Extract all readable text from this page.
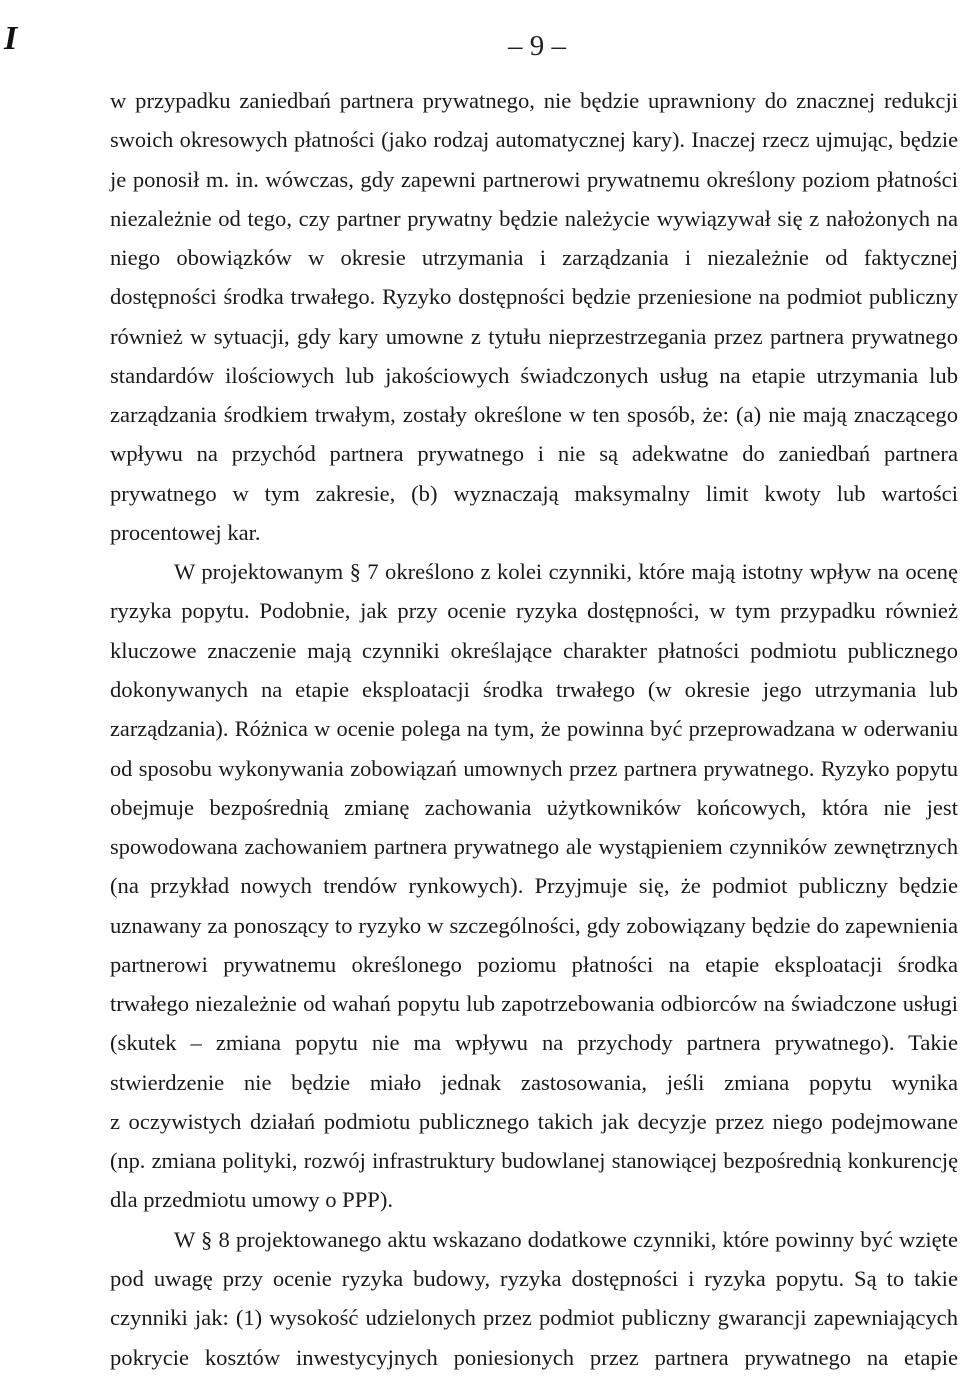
I	– 9 –
w przypadku zaniedbań partnera prywatnego, nie będzie uprawniony do znacznej redukcji
swoich okresowych płatności (jako rodzaj automatycznej kary). Inaczej rzecz ujmując, będzie
je ponosił m. in. wówczas, gdy zapewni partnerowi prywatnemu określony poziom płatności
niezależnie od tego, czy partner prywatny będzie należycie wywiązywał się z nałożonych na
niego obowiązków w okresie utrzymania i zarządzania i niezależnie od faktycznej
dostępności środka trwałego. Ryzyko dostępności będzie przeniesione na podmiot publiczny
również w sytuacji, gdy kary umowne z tytułu nieprzestrzegania przez partnera prywatnego
standardów ilościowych lub jakościowych świadczonych usług na etapie utrzymania lub
zarządzania środkiem trwałym, zostały określone w ten sposób, że: (a) nie mają znaczącego
wpływu na przychód partnera prywatnego i nie są adekwatne do zaniedbań partnera
prywatnego w tym zakresie, (b) wyznaczają maksymalny limit kwoty lub wartości
procentowej kar.
W projektowanym § 7 określono z kolei czynniki, które mają istotny wpływ na ocenę
ryzyka popytu. Podobnie, jak przy ocenie ryzyka dostępności, w tym przypadku również
kluczowe znaczenie mają czynniki określające charakter płatności podmiotu publicznego
dokonywanych na etapie eksploatacji środka trwałego (w okresie jego utrzymania lub
zarządzania). Różnica w ocenie polega na tym, że powinna być przeprowadzana w oderwaniu
od sposobu wykonywania zobowiązań umownych przez partnera prywatnego. Ryzyko popytu
obejmuje bezpośrednią zmianę zachowania użytkowników końcowych, która nie jest
spowodowana zachowaniem partnera prywatnego ale wystąpieniem czynników zewnętrznych
(na przykład nowych trendów rynkowych). Przyjmuje się, że podmiot publiczny będzie
uznawany za ponoszący to ryzyko w szczególności, gdy zobowiązany będzie do zapewnienia
partnerowi prywatnemu określonego poziomu płatności na etapie eksploatacji środka
trwałego niezależnie od wahań popytu lub zapotrzebowania odbiorców na świadczone usługi
(skutek – zmiana popytu nie ma wpływu na przychody partnera prywatnego). Takie
stwierdzenie nie będzie miało jednak zastosowania, jeśli zmiana popytu wynika
z oczywistych działań podmiotu publicznego takich jak decyzje przez niego podejmowane
(np. zmiana polityki, rozwój infrastruktury budowlanej stanowiącej bezpośrednią konkurencję
dla przedmiotu umowy o PPP).
W § 8 projektowanego aktu wskazano dodatkowe czynniki, które powinny być wzięte
pod uwagę przy ocenie ryzyka budowy, ryzyka dostępności i ryzyka popytu. Są to takie
czynniki jak: (1) wysokość udzielonych przez podmiot publiczny gwarancji zapewniających
pokrycie kosztów inwestycyjnych poniesionych przez partnera prywatnego na etapie
